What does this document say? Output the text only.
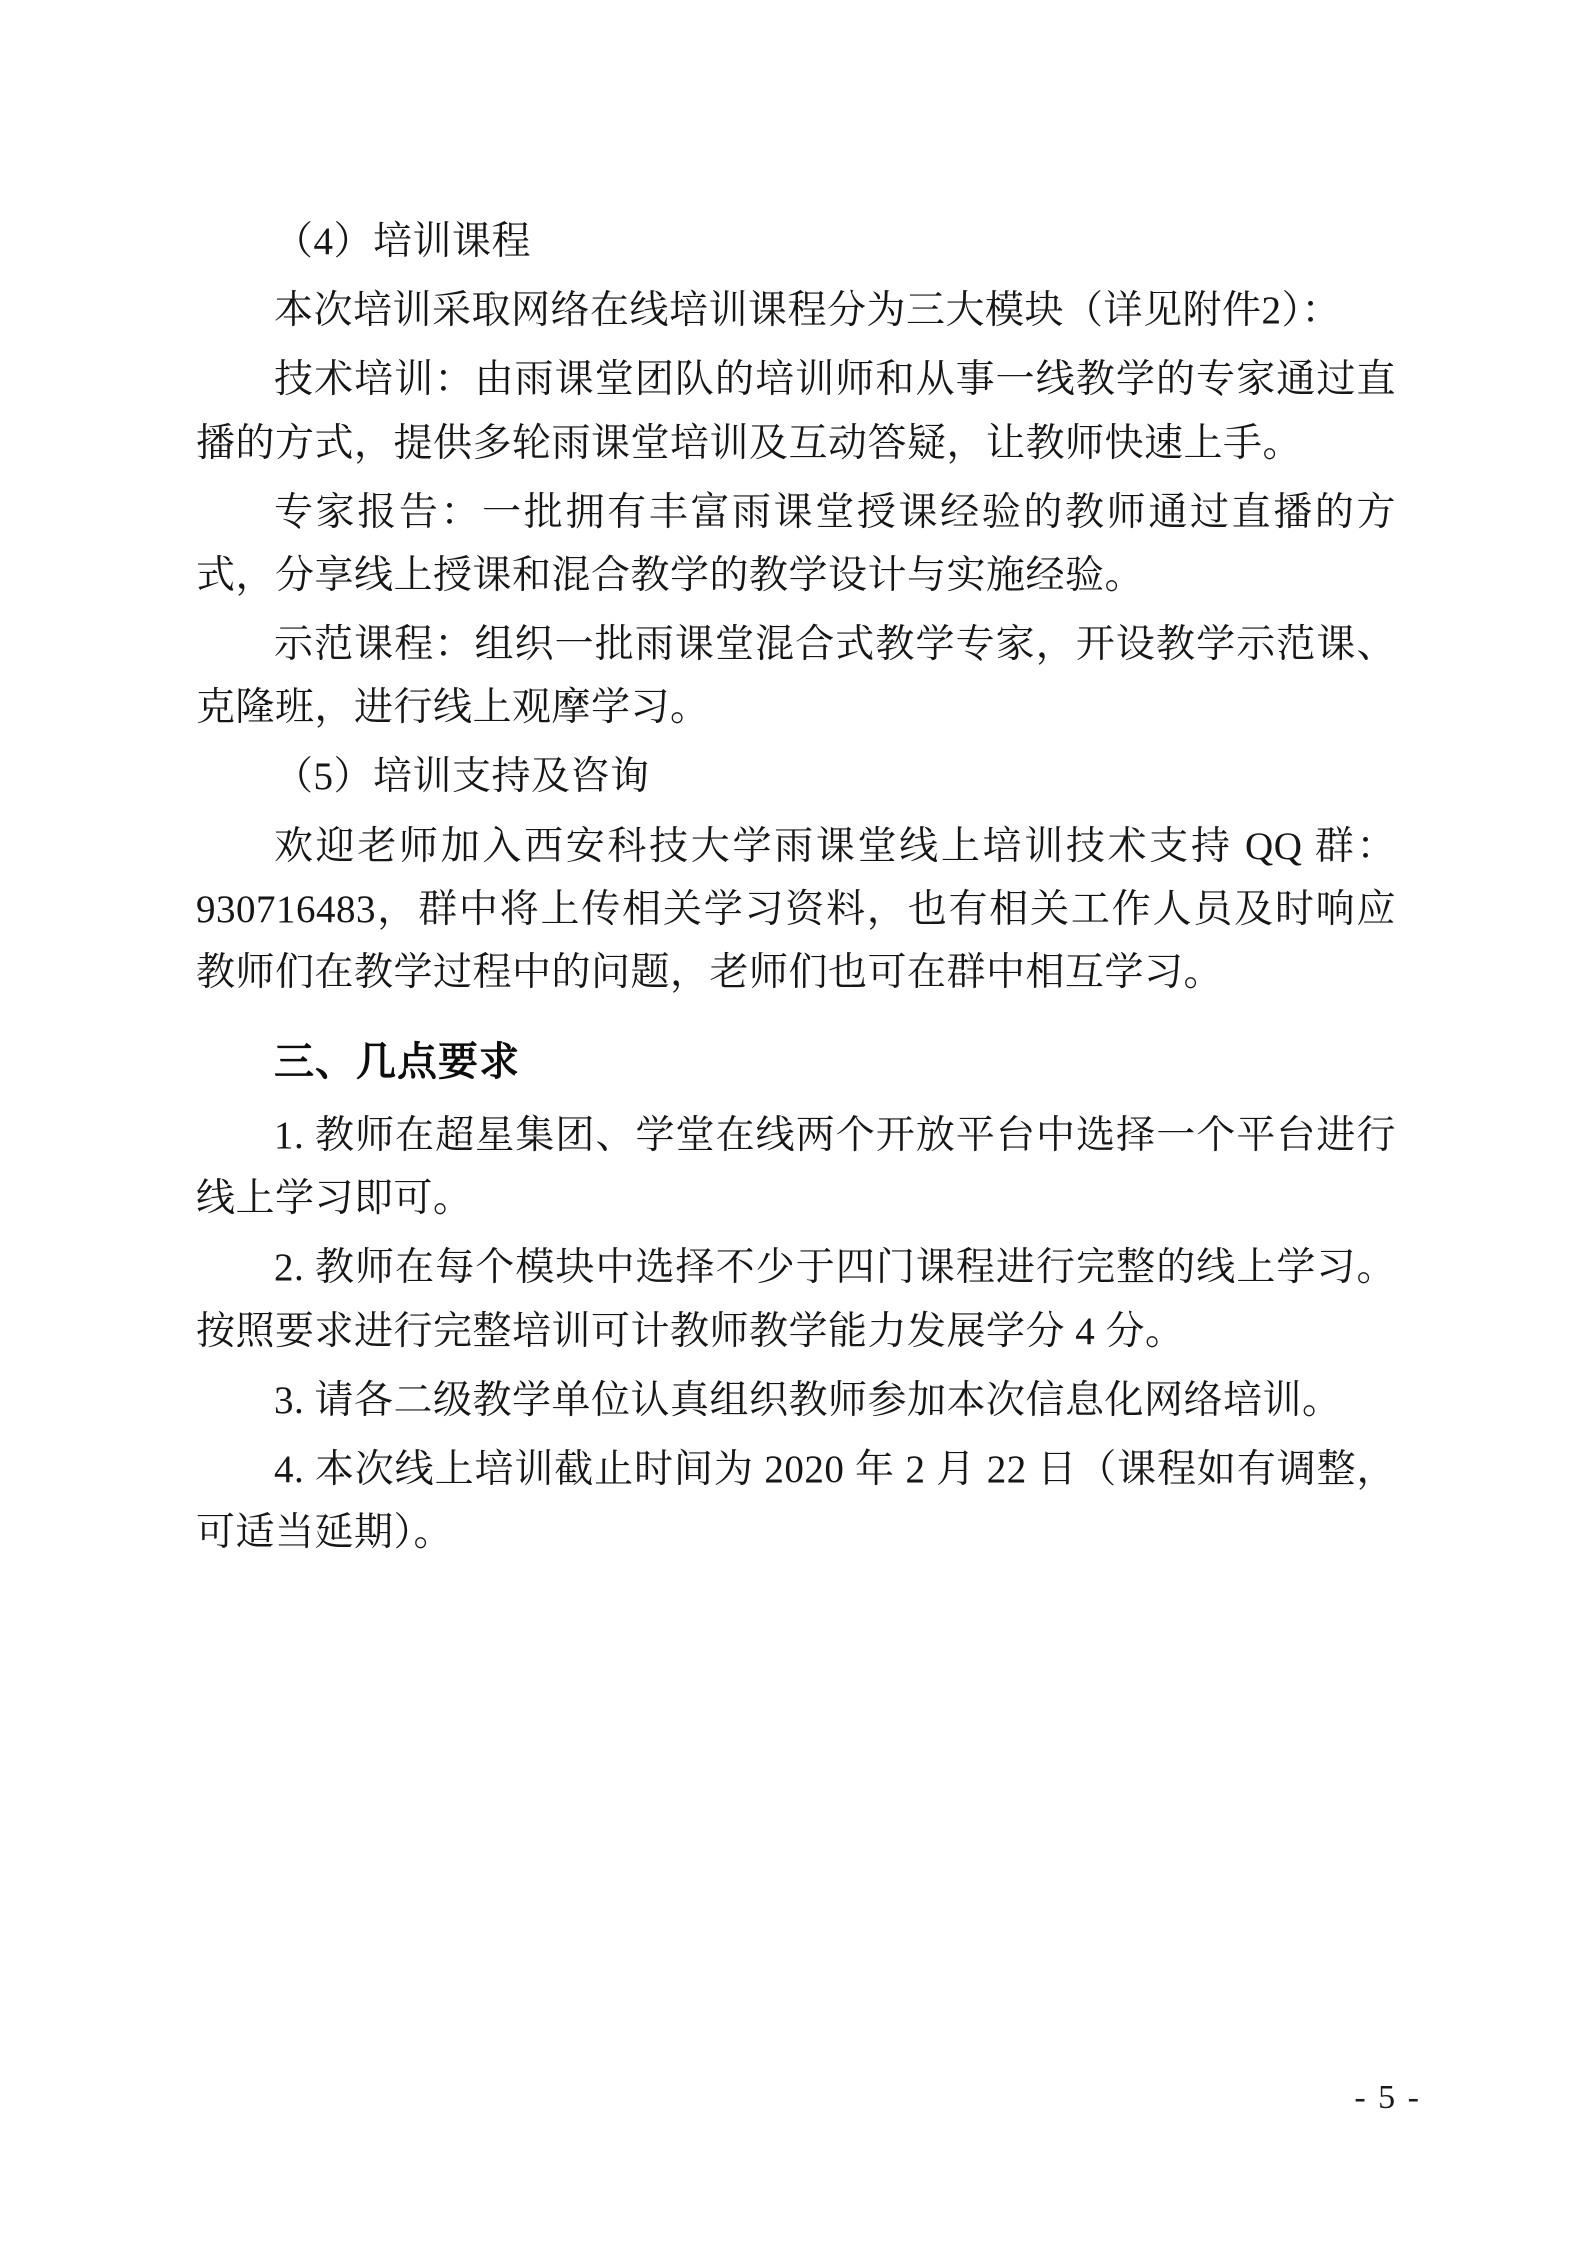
（4）培训课程

本次培训采取网络在线培训课程分为三大模块（详见附件2）：

技术培训：由雨课堂团队的培训师和从事一线教学的专家通过直播的方式，提供多轮雨课堂培训及互动答疑，让教师快速上手。

专家报告：一批拥有丰富雨课堂授课经验的教师通过直播的方式，分享线上授课和混合教学的教学设计与实施经验。

示范课程：组织一批雨课堂混合式教学专家，开设教学示范课、克隆班，进行线上观摩学习。

（5）培训支持及咨询

欢迎老师加入西安科技大学雨课堂线上培训技术支持 QQ 群：930716483，群中将上传相关学习资料，也有相关工作人员及时响应教师们在教学过程中的问题，老师们也可在群中相互学习。

三、几点要求

1. 教师在超星集团、学堂在线两个开放平台中选择一个平台进行线上学习即可。

2. 教师在每个模块中选择不少于四门课程进行完整的线上学习。按照要求进行完整培训可计教师教学能力发展学分 4 分。

3. 请各二级教学单位认真组织教师参加本次信息化网络培训。

4. 本次线上培训截止时间为 2020 年 2 月 22 日（课程如有调整，可适当延期）。

- 5 -
